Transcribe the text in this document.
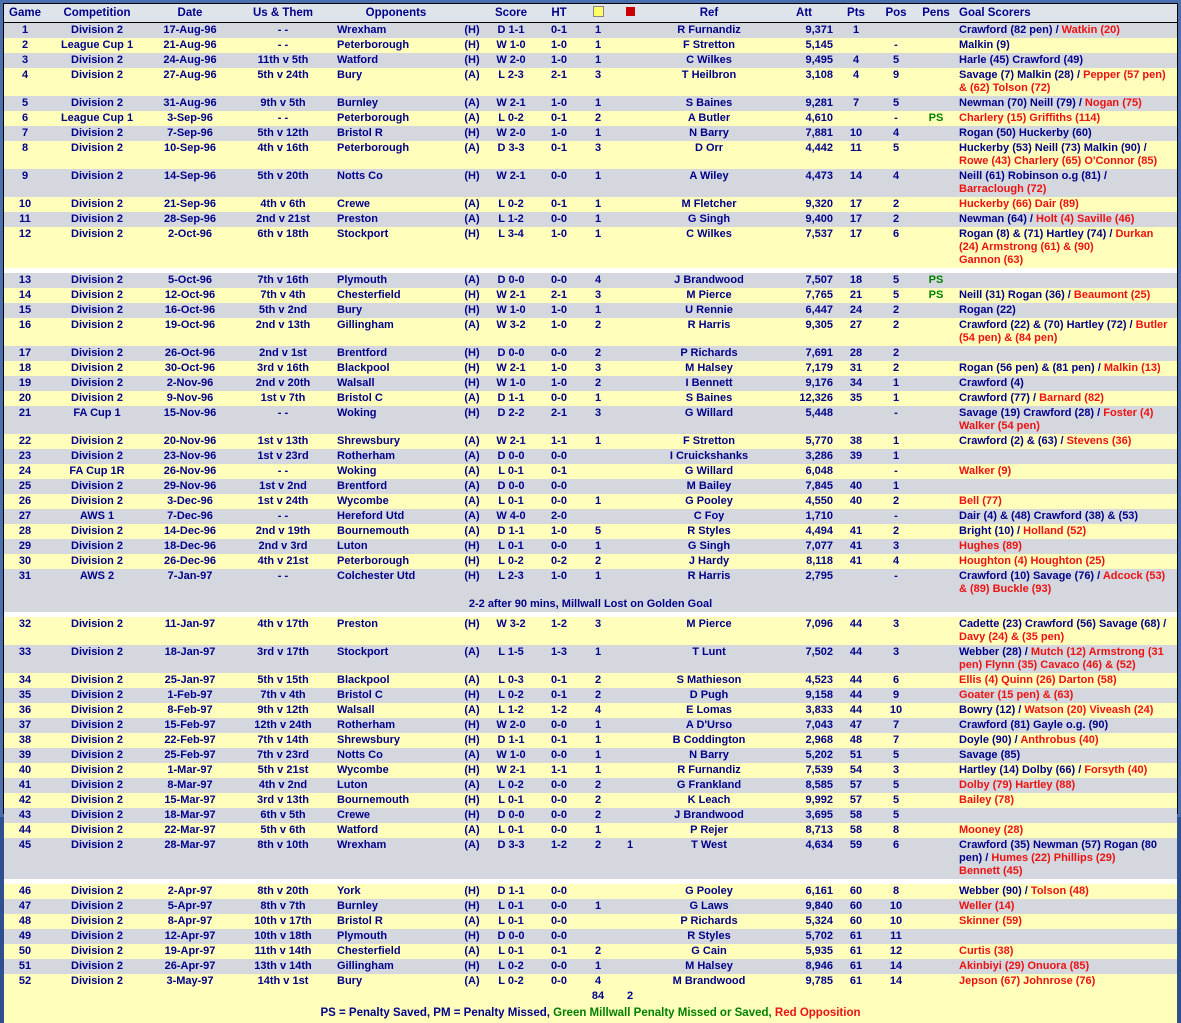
Game	Competition	Date	Us & Them	Opponents		Score	HT			Ref	Att	Pts	Pos	Pens	Goal Scorers
1	Division 2	17-Aug-96	- -	Wrexham	(H)	D 1-1	0-1	1		R Furnandiz	9,371	1			Crawford (82 pen) / Watkin (20)
2	League Cup 1	21-Aug-96	- -	Peterborough	(H)	W 1-0	1-0	1		F Stretton	5,145		-		Malkin (9)
3	Division 2	24-Aug-96	11th v 5th	Watford	(H)	W 2-0	1-0	1		C Wilkes	9,495	4	5		Harle (45) Crawford (49)
4	Division 2	27-Aug-96	5th v 24th	Bury	(A)	L 2-3	2-1	3		T Heilbron	3,108	4	9		Savage (7) Malkin (28) / Pepper (57 pen) & (62) Tolson (72)
5	Division 2	31-Aug-96	9th v 5th	Burnley	(A)	W 2-1	1-0	1		S Baines	9,281	7	5		Newman (70) Neill (79) / Nogan (75)
6	League Cup 1	3-Sep-96	- -	Peterborough	(A)	L 0-2	0-1	2		A Butler	4,610		-	PS	Charlery (15) Griffiths (114)
7	Division 2	7-Sep-96	5th v 12th	Bristol R	(H)	W 2-0	1-0	1		N Barry	7,881	10	4		Rogan (50) Huckerby (60)
8	Division 2	10-Sep-96	4th v 16th	Peterborough	(A)	D 3-3	0-1	3		D Orr	4,442	11	5		Huckerby (53) Neill (73) Malkin (90) / Rowe (43) Charlery (65) O'Connor (85)
9	Division 2	14-Sep-96	5th v 20th	Notts Co	(H)	W 2-1	0-0	1		A Wiley	4,473	14	4		Neill (61) Robinson o.g (81) / Barraclough (72)
10	Division 2	21-Sep-96	4th v 6th	Crewe	(A)	L 0-2	0-1	1		M Fletcher	9,320	17	2		Huckerby (66) Dair (89)
11	Division 2	28-Sep-96	2nd v 21st	Preston	(A)	L 1-2	0-0	1		G Singh	9,400	17	2		Newman (64) / Holt (4) Saville (46)
12	Division 2	2-Oct-96	6th v 18th	Stockport	(H)	L 3-4	1-0	1		C Wilkes	7,537	17	6		Rogan (8) & (71) Hartley (74) / Durkan (24) Armstrong (61) & (90)
Gannon (63)

13	Division 2	5-Oct-96	7th v 16th	Plymouth	(A)	D 0-0	0-0	4		J Brandwood	7,507	18	5	PS	
14	Division 2	12-Oct-96	7th v 4th	Chesterfield	(H)	W 2-1	2-1	3		M Pierce	7,765	21	5	PS	Neill (31) Rogan (36) / Beaumont (25)
15	Division 2	16-Oct-96	5th v 2nd	Bury	(H)	W 1-0	1-0	1		U Rennie	6,447	24	2		Rogan (22)
16	Division 2	19-Oct-96	2nd v 13th	Gillingham	(A)	W 3-2	1-0	2		R Harris	9,305	27	2		Crawford (22) & (70) Hartley (72) / Butler (54 pen) & (84 pen)
17	Division 2	26-Oct-96	2nd v 1st	Brentford	(H)	D 0-0	0-0	2		P Richards	7,691	28	2		
18	Division 2	30-Oct-96	3rd v 16th	Blackpool	(H)	W 2-1	1-0	3		M Halsey	7,179	31	2		Rogan (56 pen) & (81 pen) / Malkin (13)
19	Division 2	2-Nov-96	2nd v 20th	Walsall	(H)	W 1-0	1-0	2		I Bennett	9,176	34	1		Crawford (4)
20	Division 2	9-Nov-96	1st v 7th	Bristol C	(A)	D 1-1	0-0	1		S Baines	12,326	35	1		Crawford (77) / Barnard (82)
21	FA Cup 1	15-Nov-96	- -	Woking	(H)	D 2-2	2-1	3		G Willard	5,448		-		Savage (19) Crawford (28) / Foster (4) Walker (54 pen)
22	Division 2	20-Nov-96	1st v 13th	Shrewsbury	(A)	W 2-1	1-1	1		F Stretton	5,770	38	1		Crawford (2) & (63) / Stevens (36)
23	Division 2	23-Nov-96	1st v 23rd	Rotherham	(A)	D 0-0	0-0			I Cruickshanks	3,286	39	1		
24	FA Cup 1R	26-Nov-96	- -	Woking	(A)	L 0-1	0-1			G Willard	6,048		-		Walker (9)
25	Division 2	29-Nov-96	1st v 2nd	Brentford	(A)	D 0-0	0-0			M Bailey	7,845	40	1		
26	Division 2	3-Dec-96	1st v 24th	Wycombe	(A)	L 0-1	0-0	1		G Pooley	4,550	40	2		Bell (77)
27	AWS 1	7-Dec-96	- -	Hereford Utd	(A)	W 4-0	2-0			C Foy	1,710		-		Dair (4) & (48) Crawford (38) & (53)
28	Division 2	14-Dec-96	2nd v 19th	Bournemouth	(A)	D 1-1	1-0	5		R Styles	4,494	41	2		Bright (10) / Holland (52)
29	Division 2	18-Dec-96	2nd v 3rd	Luton	(H)	L 0-1	0-0	1		G Singh	7,077	41	3		Hughes (89)
30	Division 2	26-Dec-96	4th v 21st	Peterborough	(H)	L 0-2	0-2	2		J Hardy	8,118	41	4		Houghton (4) Houghton (25)
31	AWS 2	7-Jan-97	- -	Colchester Utd	(H)	L 2-3	1-0	1		R Harris	2,795		-		Crawford (10) Savage (76) / Adcock (53) & (89) Buckle (93)
2-2 after 90 mins, Millwall Lost on Golden Goal															

32	Division 2	11-Jan-97	4th v 17th	Preston	(H)	W 3-2	1-2	3		M Pierce	7,096	44	3		Cadette (23) Crawford (56) Savage (68) / Davy (24) & (35 pen)
33	Division 2	18-Jan-97	3rd v 17th	Stockport	(A)	L 1-5	1-3	1		T Lunt	7,502	44	3		Webber (28) / Mutch (12) Armstrong (31 pen) Flynn (35) Cavaco (46) & (52)
34	Division 2	25-Jan-97	5th v 15th	Blackpool	(A)	L 0-3	0-1	2		S Mathieson	4,523	44	6		Ellis (4) Quinn (26) Darton (58)
35	Division 2	1-Feb-97	7th v 4th	Bristol C	(H)	L 0-2	0-1	2		D Pugh	9,158	44	9		Goater (15 pen) & (63)
36	Division 2	8-Feb-97	9th v 12th	Walsall	(A)	L 1-2	1-2	4		E Lomas	3,833	44	10		Bowry (12) / Watson (20) Viveash (24)
37	Division 2	15-Feb-97	12th v 24th	Rotherham	(H)	W 2-0	0-0	1		A D'Urso	7,043	47	7		Crawford (81) Gayle o.g. (90)
38	Division 2	22-Feb-97	7th v 14th	Shrewsbury	(H)	D 1-1	0-1	1		B Coddington	2,968	48	7		Doyle (90) / Anthrobus (40)
39	Division 2	25-Feb-97	7th v 23rd	Notts Co	(A)	W 1-0	0-0	1		N Barry	5,202	51	5		Savage (85)
40	Division 2	1-Mar-97	5th v 21st	Wycombe	(H)	W 2-1	1-1	1		R Furnandiz	7,539	54	3		Hartley (14) Dolby (66) / Forsyth (40)
41	Division 2	8-Mar-97	4th v 2nd	Luton	(A)	L 0-2	0-0	2		G Frankland	8,585	57	5		Dolby (79) Hartley (88)
42	Division 2	15-Mar-97	3rd v 13th	Bournemouth	(H)	L 0-1	0-0	2		K Leach	9,992	57	5		Bailey (78)
43	Division 2	18-Mar-97	6th v 5th	Crewe	(H)	D 0-0	0-0	2		J Brandwood	3,695	58	5		
44	Division 2	22-Mar-97	5th v 6th	Watford	(A)	L 0-1	0-0	1		P Rejer	8,713	58	8		Mooney (28)
45	Division 2	28-Mar-97	8th v 10th	Wrexham	(A)	D 3-3	1-2	2	1	T West	4,634	59	6		Crawford (35) Newman (57) Rogan (80 pen) / Humes (22) Phillips (29)
Bennett (45)

46	Division 2	2-Apr-97	8th v 20th	York	(H)	D 1-1	0-0			G Pooley	6,161	60	8		Webber (90) / Tolson (48)
47	Division 2	5-Apr-97	8th v 7th	Burnley	(H)	L 0-1	0-0	1		G Laws	9,840	60	10		Weller (14)
48	Division 2	8-Apr-97	10th v 17th	Bristol R	(A)	L 0-1	0-0			P Richards	5,324	60	10		Skinner (59)
49	Division 2	12-Apr-97	10th v 18th	Plymouth	(H)	D 0-0	0-0			R Styles	5,702	61	11		
50	Division 2	19-Apr-97	11th v 14th	Chesterfield	(A)	L 0-1	0-1	2		G Cain	5,935	61	12		Curtis (38)
51	Division 2	26-Apr-97	13th v 14th	Gillingham	(H)	L 0-2	0-0	1		M Halsey	8,946	61	14		Akinbiyi (29) Onuora (85)
52	Division 2	3-May-97	14th v 1st	Bury	(A)	L 0-2	0-0	4		M Brandwood	9,785	61	14		Jepson (67) Johnrose (76)
								84	2						
PS = Penalty Saved, PM = Penalty Missed, Green Millwall Penalty Missed or Saved, Red Opposition															
